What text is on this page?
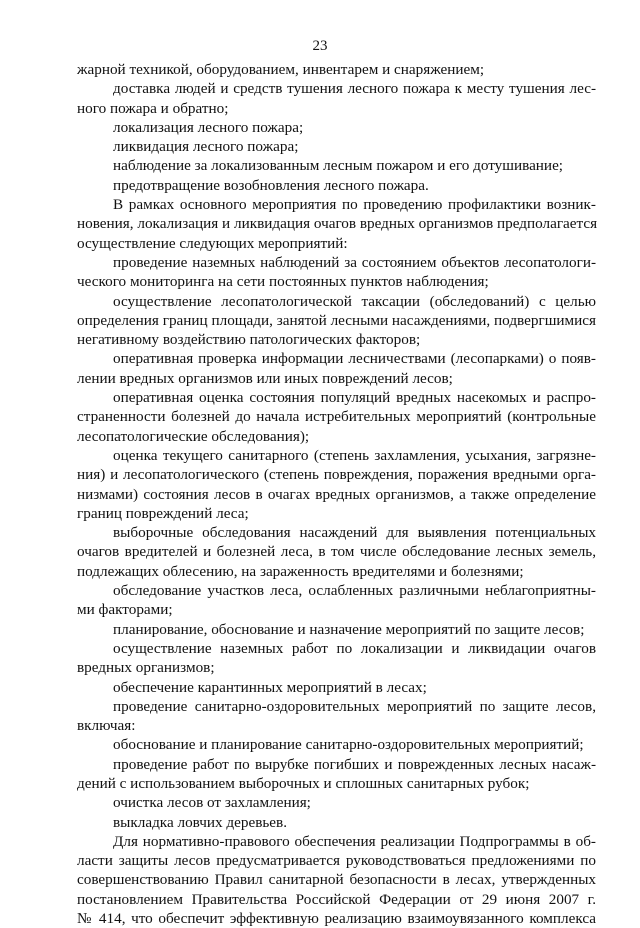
23
жарной техникой, оборудованием, инвентарем и снаряжением;
доставка людей и средств тушения лесного пожара к месту тушения лес-
ного пожара и обратно;
локализация лесного пожара;
ликвидация лесного пожара;
наблюдение за локализованным лесным пожаром и его дотушивание;
предотвращение возобновления лесного пожара.
В рамках основного мероприятия по проведению профилактики возник-
новения, локализация и ликвидация очагов вредных организмов предполагается
осуществление следующих мероприятий:
проведение наземных наблюдений за состоянием объектов лесопатологи-
ческого мониторинга на сети постоянных пунктов наблюдения;
осуществление лесопатологической таксации (обследований) с целью
определения границ площади, занятой лесными насаждениями, подвергшимися
негативному воздействию патологических факторов;
оперативная проверка информации лесничествами (лесопарками) о появ-
лении вредных организмов или иных повреждений лесов;
оперативная оценка состояния популяций вредных насекомых и распро-
страненности болезней до начала истребительных мероприятий (контрольные
лесопатологические обследования);
оценка текущего санитарного (степень захламления, усыхания, загрязне-
ния) и лесопатологического (степень повреждения, поражения вредными орга-
низмами) состояния лесов в очагах вредных организмов, а также определение
границ повреждений леса;
выборочные обследования насаждений для выявления потенциальных
очагов вредителей и болезней леса, в том числе обследование лесных земель,
подлежащих облесению, на зараженность вредителями и болезнями;
обследование участков леса, ослабленных различными неблагоприятны-
ми факторами;
планирование, обоснование и назначение мероприятий по защите лесов;
осуществление наземных работ по локализации и ликвидации очагов
вредных организмов;
обеспечение карантинных мероприятий в лесах;
проведение санитарно-оздоровительных мероприятий по защите лесов,
включая:
обоснование и планирование санитарно-оздоровительных мероприятий;
проведение работ по вырубке погибших и поврежденных лесных насаж-
дений с использованием выборочных и сплошных санитарных рубок;
очистка лесов от захламления;
выкладка ловчих деревьев.
Для нормативно-правового обеспечения реализации Подпрограммы в об-
ласти защиты лесов предусматривается руководствоваться предложениями по
совершенствованию Правил санитарной безопасности в лесах, утвержденных
постановлением Правительства Российской Федерации от 29 июня 2007 г.
№ 414, что обеспечит эффективную реализацию взаимоувязанного комплекса
